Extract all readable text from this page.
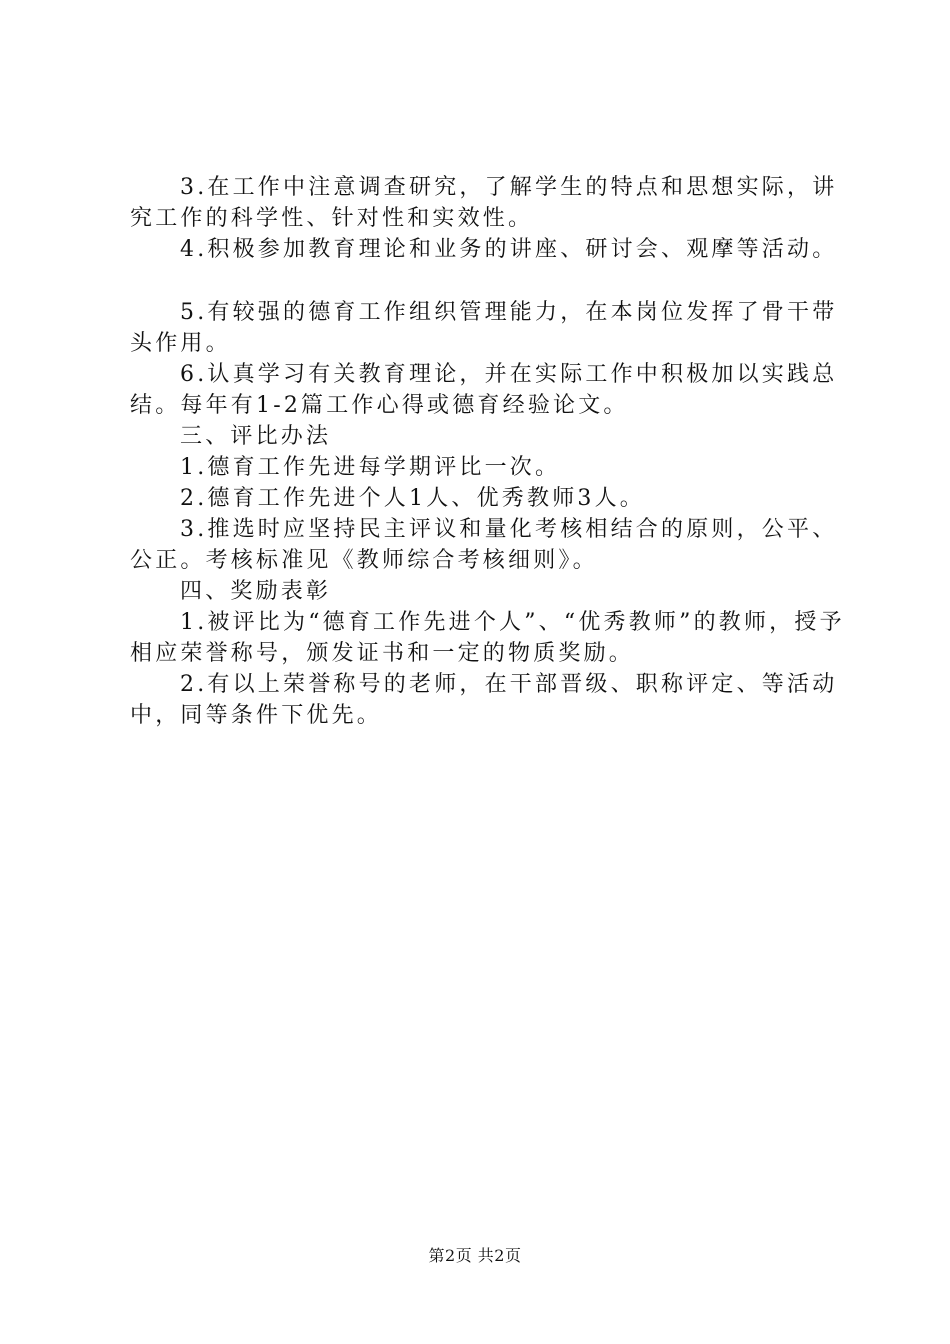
3.在工作中注意调查研究，了解学生的特点和思想实际，讲究工作的科学性、针对性和实效性。

4.积极参加教育理论和业务的讲座、研讨会、观摩等活动。

5.有较强的德育工作组织管理能力，在本岗位发挥了骨干带头作用。

6.认真学习有关教育理论，并在实际工作中积极加以实践总结。每年有1-2篇工作心得或德育经验论文。

三、评比办法

1.德育工作先进每学期评比一次。

2.德育工作先进个人1人、优秀教师3人。

3.推选时应坚持民主评议和量化考核相结合的原则，公平、公正。考核标准见《教师综合考核细则》。

四、奖励表彰

1.被评比为“德育工作先进个人”、“优秀教师”的教师，授予相应荣誉称号，颁发证书和一定的物质奖励。

2.有以上荣誉称号的老师，在干部晋级、职称评定、等活动中，同等条件下优先。

第2页 共2页
